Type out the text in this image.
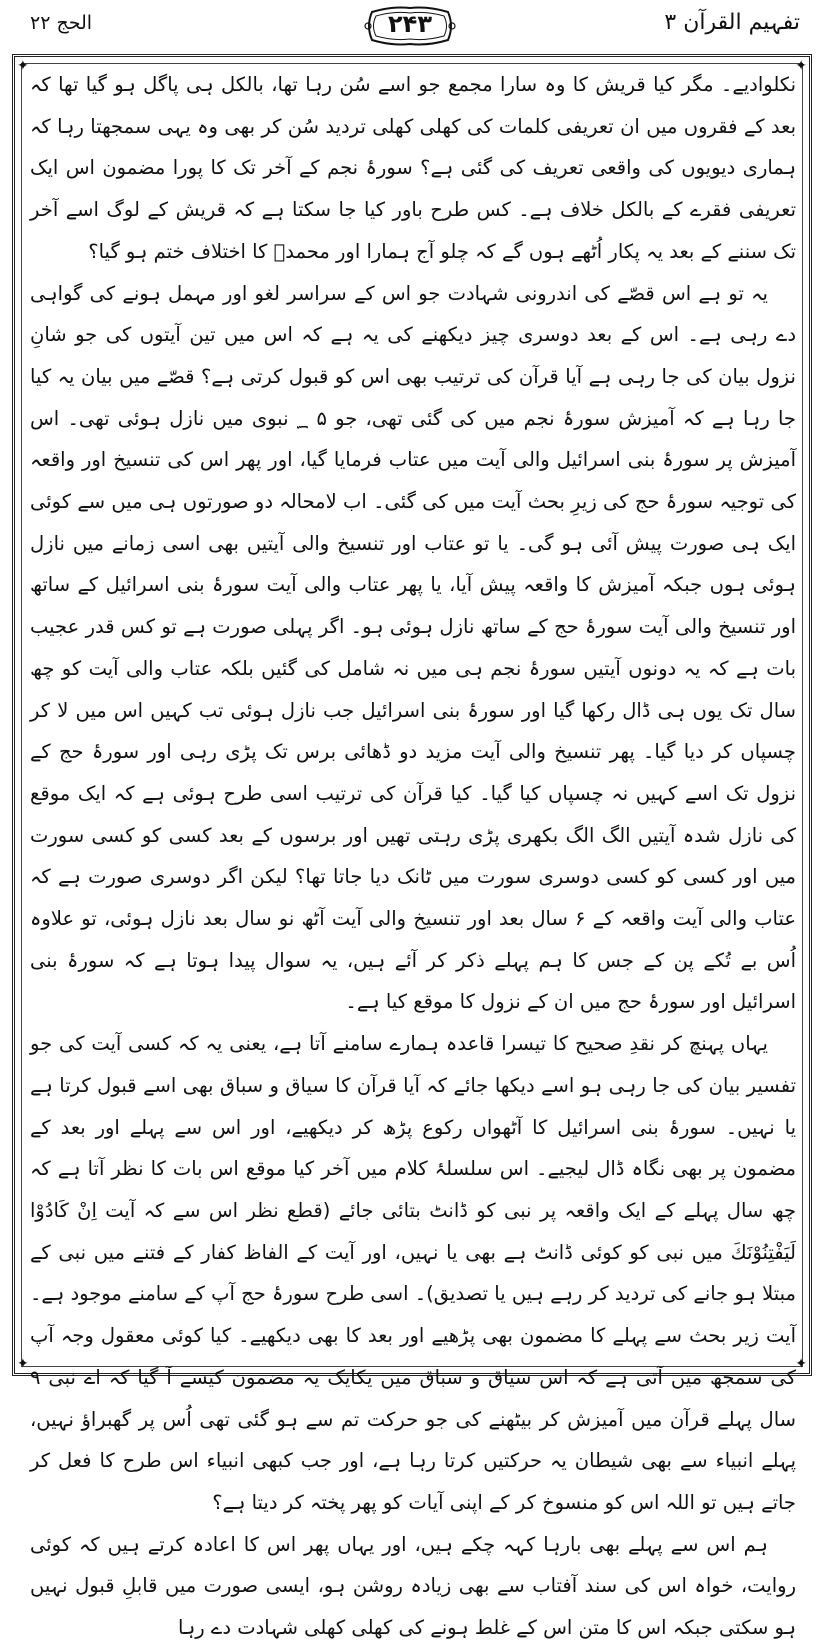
الحج ۲۲	۲۴۳	تفہیم القرآن ۳
✦	✦
✦	✦

نکلوادیے۔ مگر کیا قریش کا وہ سارا مجمع جو اسے سُن رہا تھا، بالکل ہی پاگل ہو گیا تھا کہ بعد کے فقروں میں ان تعریفی کلمات کی کھلی کھلی تردید سُن کر بھی وہ یہی سمجھتا رہا کہ ہماری دیویوں کی واقعی تعریف کی گئی ہے؟ سورۂ نجم کے آخر تک کا پورا مضمون اس ایک تعریفی فقرے کے بالکل خلاف ہے۔ کس طرح باور کیا جا سکتا ہے کہ قریش کے لوگ اسے آخر تک سننے کے بعد یہ پکار اُٹھے ہوں گے کہ چلو آج ہمارا اور محمدؐ کا اختلاف ختم ہو گیا؟

یہ تو ہے اس قصّے کی اندرونی شہادت جو اس کے سراسر لغو اور مہمل ہونے کی گواہی دے رہی ہے۔ اس کے بعد دوسری چیز دیکھنے کی یہ ہے کہ اس میں تین آیتوں کی جو شانِ نزول بیان کی جا رہی ہے آیا قرآن کی ترتیب بھی اس کو قبول کرتی ہے؟ قصّے میں بیان یہ کیا جا رہا ہے کہ آمیزش سورۂ نجم میں کی گئی تھی، جو ۵ ؁ نبوی میں نازل ہوئی تھی۔ اس آمیزش پر سورۂ بنی اسرائیل والی آیت میں عتاب فرمایا گیا، اور پھر اس کی تنسیخ اور واقعہ کی توجیہ سورۂ حج کی زیرِ بحث آیت میں کی گئی۔ اب لامحالہ دو صورتوں ہی میں سے کوئی ایک ہی صورت پیش آئی ہو گی۔ یا تو عتاب اور تنسیخ والی آیتیں بھی اسی زمانے میں نازل ہوئی ہوں جبکہ آمیزش کا واقعہ پیش آیا، یا پھر عتاب والی آیت سورۂ بنی اسرائیل کے ساتھ اور تنسیخ والی آیت سورۂ حج کے ساتھ نازل ہوئی ہو۔ اگر پہلی صورت ہے تو کس قدر عجیب بات ہے کہ یہ دونوں آیتیں سورۂ نجم ہی میں نہ شامل کی گئیں بلکہ عتاب والی آیت کو چھ سال تک یوں ہی ڈال رکھا گیا اور سورۂ بنی اسرائیل جب نازل ہوئی تب کہیں اس میں لا کر چسپاں کر دیا گیا۔ پھر تنسیخ والی آیت مزید دو ڈھائی برس تک پڑی رہی اور سورۂ حج کے نزول تک اسے کہیں نہ چسپاں کیا گیا۔ کیا قرآن کی ترتیب اسی طرح ہوئی ہے کہ ایک موقع کی نازل شدہ آیتیں الگ الگ بکھری پڑی رہتی تھیں اور برسوں کے بعد کسی کو کسی سورت میں اور کسی کو کسی دوسری سورت میں ٹانک دیا جاتا تھا؟ لیکن اگر دوسری صورت ہے کہ عتاب والی آیت واقعہ کے ۶ سال بعد اور تنسیخ والی آیت آٹھ نو سال بعد نازل ہوئی، تو علاوہ اُس بے تُکے پن کے جس کا ہم پہلے ذکر کر آئے ہیں، یہ سوال پیدا ہوتا ہے کہ سورۂ بنی اسرائیل اور سورۂ حج میں ان کے نزول کا موقع کیا ہے۔

یہاں پہنچ کر نقدِ صحیح کا تیسرا قاعدہ ہمارے سامنے آتا ہے، یعنی یہ کہ کسی آیت کی جو تفسیر بیان کی جا رہی ہو اسے دیکھا جائے کہ آیا قرآن کا سیاق و سباق بھی اسے قبول کرتا ہے یا نہیں۔ سورۂ بنی اسرائیل کا آٹھواں رکوع پڑھ کر دیکھیے، اور اس سے پہلے اور بعد کے مضمون پر بھی نگاہ ڈال لیجیے۔ اس سلسلۂ کلام میں آخر کیا موقع اس بات کا نظر آتا ہے کہ چھ سال پہلے کے ایک واقعہ پر نبی کو ڈانٹ بتائی جائے (قطع نظر اس سے کہ آیت اِنْ كَادُوْا لَيَفْتِنُوْنَكَ میں نبی کو کوئی ڈانٹ ہے بھی یا نہیں، اور آیت کے الفاظ کفار کے فتنے میں نبی کے مبتلا ہو جانے کی تردید کر رہے ہیں یا تصدیق)۔ اسی طرح سورۂ حج آپ کے سامنے موجود ہے۔ آیت زیر بحث سے پہلے کا مضمون بھی پڑھیے اور بعد کا بھی دیکھیے۔ کیا کوئی معقول وجہ آپ کی سمجھ میں آتی ہے کہ اس سیاق و سباق میں یکایک یہ مضمون کیسے آ گیا کہ اے نبی ۹ سال پہلے قرآن میں آمیزش کر بیٹھنے کی جو حرکت تم سے ہو گئی تھی اُس پر گھبراؤ نہیں، پہلے انبیاء سے بھی شیطان یہ حرکتیں کرتا رہا ہے، اور جب کبھی انبیاء اس طرح کا فعل کر جاتے ہیں تو اللہ اس کو منسوخ کر کے اپنی آیات کو پھر پختہ کر دیتا ہے؟

ہم اس سے پہلے بھی بارہا کہہ چکے ہیں، اور یہاں پھر اس کا اعادہ کرتے ہیں کہ کوئی روایت، خواہ اس کی سند آفتاب سے بھی زیادہ روشن ہو، ایسی صورت میں قابلِ قبول نہیں ہو سکتی جبکہ اس کا متن اس کے غلط ہونے کی کھلی کھلی شہادت دے رہا
